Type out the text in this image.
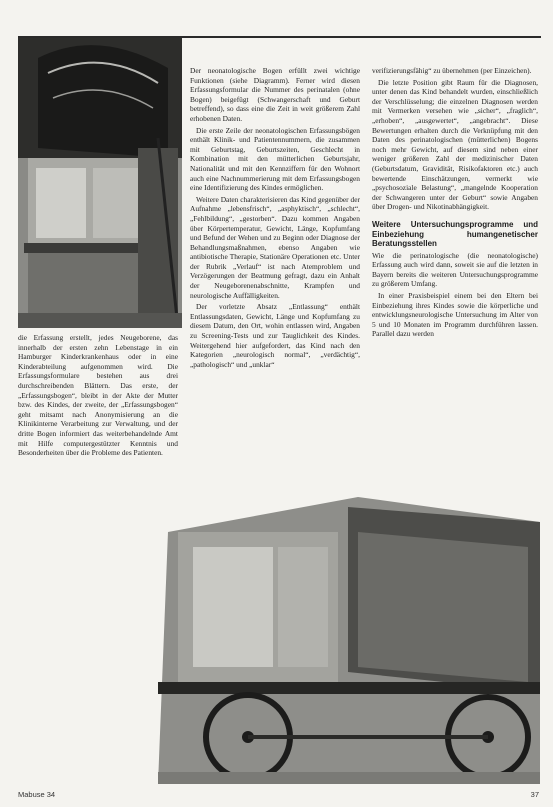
die Erfassung erstellt, jedes Neugeborene, das innerhalb der ersten zehn Lebenstage in ein Hamburger Kinderkrankenhaus oder in eine Kinderabteilung aufgenommen wird. Die Erfassungsformulare bestehen aus drei durchschreibenden Blättern. Das erste, der „Erfassungsbogen“, bleibt in der Akte der Mutter bzw. des Kindes, der zweite, der „Erfassungsbogen“ geht mitsamt nach Anonymisierung an die Klinikinterne Verarbeitung zur Verwaltung, und der dritte Bogen informiert das weiterbehandelnde Amt mit Hilfe computergestützter Kenntnis und Besonderheiten über die Probleme des Patienten.

Der neonatologische Bogen erfüllt zwei wichtige Funktionen (siehe Diagramm). Ferner wird diesen Erfassungsformular die Nummer des perinatalen (ohne Bogen) beigefügt (Schwangerschaft und Geburt betreffend), so dass eine die Zeit in weit größerem Zahl erhobenen Daten.

Die erste Zeile der neonatologischen Erfassungsbögen enthält Klinik- und Patientennummern, die zusammen mit Geburtstag, Geburtszeiten, Geschlecht in Kombination mit den mütterlichen Geburtsjahr, Nationalität und mit den Kennziffern für den Wohnort auch eine Nachnummerierung mit dem Erfassungsbogen eine Identifizierung des Kindes ermöglichen.

Weitere Daten charakterisieren das Kind gegenüber der Aufnahme „lebensfrisch“, „asphyktisch“, „schlecht“, „Fehlbildung“, „gestorben“. Dazu kommen Angaben über Körpertemperatur, Gewicht, Länge, Kopfumfang und Befund der Wehen und zu Beginn oder Diagnose der Behandlungsmaßnahmen, ebenso Angaben wie antibiotische Therapie, Stationäre Operationen etc. Unter der Rubrik „Verlauf“ ist nach Atemproblem und Verzögerungen der Beatmung gefragt, dazu ein Anhalt der Neugeborenenabschnitte, Krampfen und neurologische Auffälligkeiten.

Der vorletzte Absatz „Entlassung“ enthält Entlassungsdaten, Gewicht, Länge und Kopfumfang zu diesem Datum, den Ort, wohin entlassen wird, Angaben zu Screening-Tests und zur Tauglichkeit des Kindes. Weitergehend hier aufgefordert, das Kind nach den Kategorien „neurologisch normal“, „verdächtig“, „pathologisch“ und „unklar“

verifizierungsfähig“ zu übernehmen (per Einzeichen).

Die letzte Position gibt Raum für die Diagnosen, unter denen das Kind behandelt wurden, einschließlich der Verschlüsselung; die einzelnen Diagnosen werden mit Vermerken versehen wie „sicher“, „fraglich“, „erhoben“, „ausgewertet“, „angebracht“. Diese Bewertungen erhalten durch die Verknüpfung mit den Daten des perinatologischen (mütterlichen) Bogens noch mehr Gewicht, auf diesem sind neben einer weniger größeren Zahl der medizinischer Daten (Geburtsdatum, Gravidität, Risikofaktoren etc.) auch bewertende Einschätzungen, vermerkt wie „psychosoziale Belastung“, „mangelnde Kooperation der Schwangeren unter der Geburt“ sowie Angaben über Drogen- und Nikotinabhängigkeit.

Weitere Untersuchungsprogramme und Einbeziehung humangenetischer Beratungsstellen

Wie die perinatologische (die neonatologische) Erfassung auch wird dann, soweit sie auf die letzten in Bayern bereits die weiteren Untersuchungsprogramme zu größerem Umfang.

In einer Praxisbeispiel einem bei den Eltern bei Einbeziehung ihres Kindes sowie die körperliche und entwicklungsneurologische Untersuchung im Alter von 5 und 10 Monaten im Programm durchführen lassen. Parallel dazu werden

Mabuse 34	37
